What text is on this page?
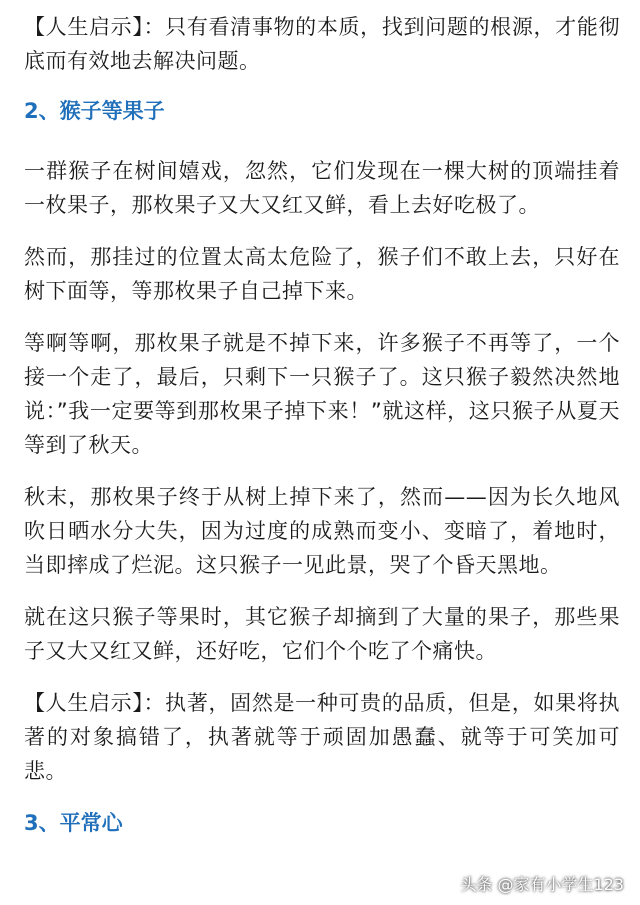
【人生启示】：只有看清事物的本质，找到问题的根源，才能彻底而有效地去解决问题。

2、猴子等果子

一群猴子在树间嬉戏，忽然，它们发现在一棵大树的顶端挂着一枚果子，那枚果子又大又红又鲜，看上去好吃极了。

然而，那挂过的位置太高太危险了，猴子们不敢上去，只好在树下面等，等那枚果子自己掉下来。

等啊等啊，那枚果子就是不掉下来，许多猴子不再等了，一个接一个走了，最后，只剩下一只猴子了。这只猴子毅然决然地说：”我一定要等到那枚果子掉下来！”就这样，这只猴子从夏天等到了秋天。

秋末，那枚果子终于从树上掉下来了，然而——因为长久地风吹日晒水分大失，因为过度的成熟而变小、变暗了，着地时，当即摔成了烂泥。这只猴子一见此景，哭了个昏天黑地。

就在这只猴子等果时，其它猴子却摘到了大量的果子，那些果子又大又红又鲜，还好吃，它们个个吃了个痛快。

【人生启示】：执著，固然是一种可贵的品质，但是，如果将执著的对象搞错了，执著就等于顽固加愚蠢、就等于可笑加可悲。

3、平常心
头条 @家有小学生123
